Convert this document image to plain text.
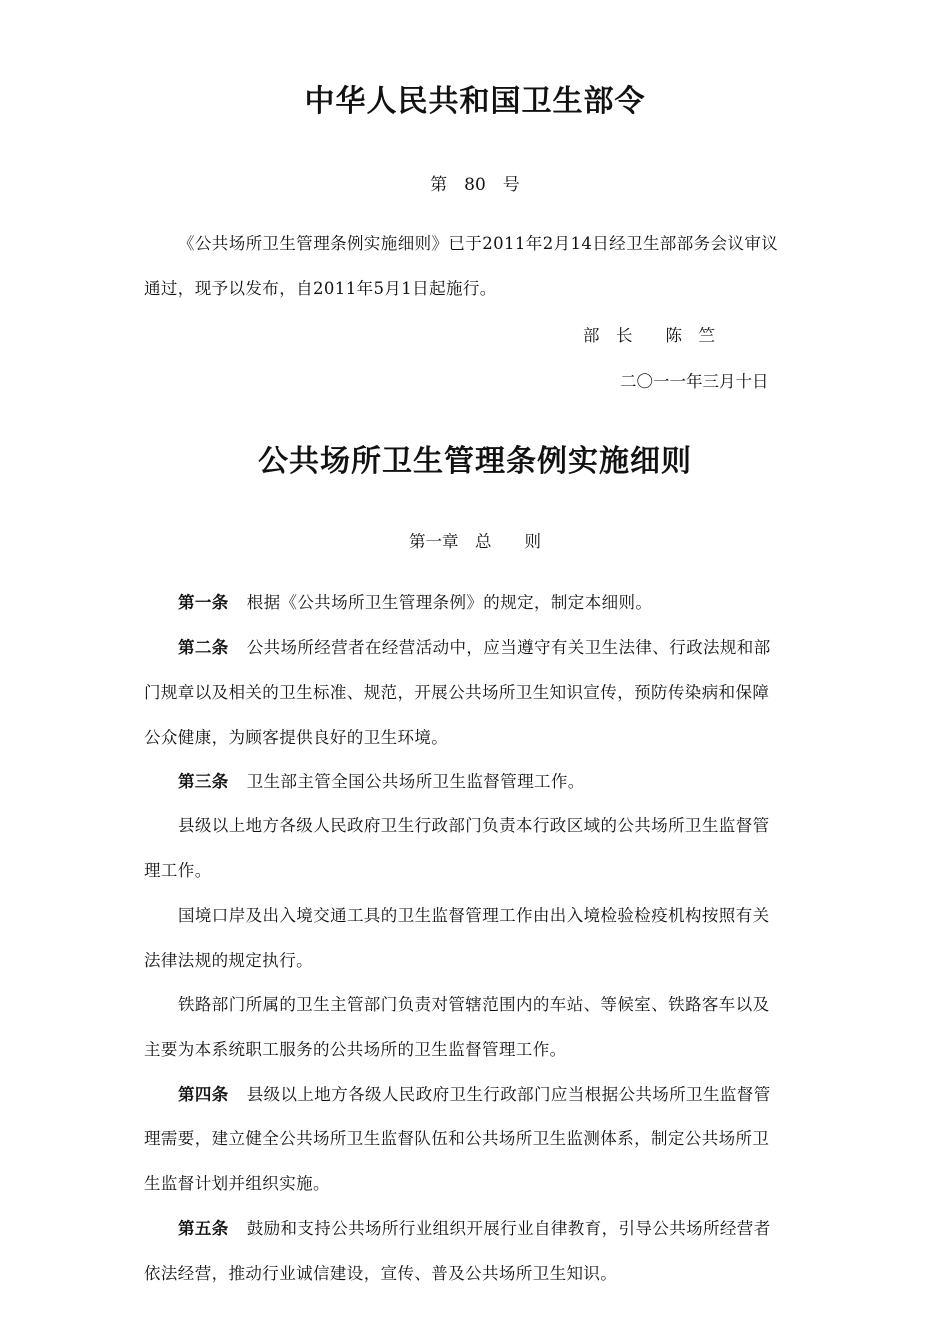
中华人民共和国卫生部令
第　80　号
《公共场所卫生管理条例实施细则》已于2011年2月14日经卫生部部务会议审议
通过，现予以发布，自2011年5月1日起施行。
部　长　　陈　竺
二〇一一年三月十日
公共场所卫生管理条例实施细则
第一章　总　　则
第一条 根据《公共场所卫生管理条例》的规定，制定本细则。
第二条 公共场所经营者在经营活动中，应当遵守有关卫生法律、行政法规和部
门规章以及相关的卫生标准、规范，开展公共场所卫生知识宣传，预防传染病和保障
公众健康，为顾客提供良好的卫生环境。
第三条 卫生部主管全国公共场所卫生监督管理工作。
县级以上地方各级人民政府卫生行政部门负责本行政区域的公共场所卫生监督管
理工作。
国境口岸及出入境交通工具的卫生监督管理工作由出入境检验检疫机构按照有关
法律法规的规定执行。
铁路部门所属的卫生主管部门负责对管辖范围内的车站、等候室、铁路客车以及
主要为本系统职工服务的公共场所的卫生监督管理工作。
第四条 县级以上地方各级人民政府卫生行政部门应当根据公共场所卫生监督管
理需要，建立健全公共场所卫生监督队伍和公共场所卫生监测体系，制定公共场所卫
生监督计划并组织实施。
第五条 鼓励和支持公共场所行业组织开展行业自律教育，引导公共场所经营者
依法经营，推动行业诚信建设，宣传、普及公共场所卫生知识。
